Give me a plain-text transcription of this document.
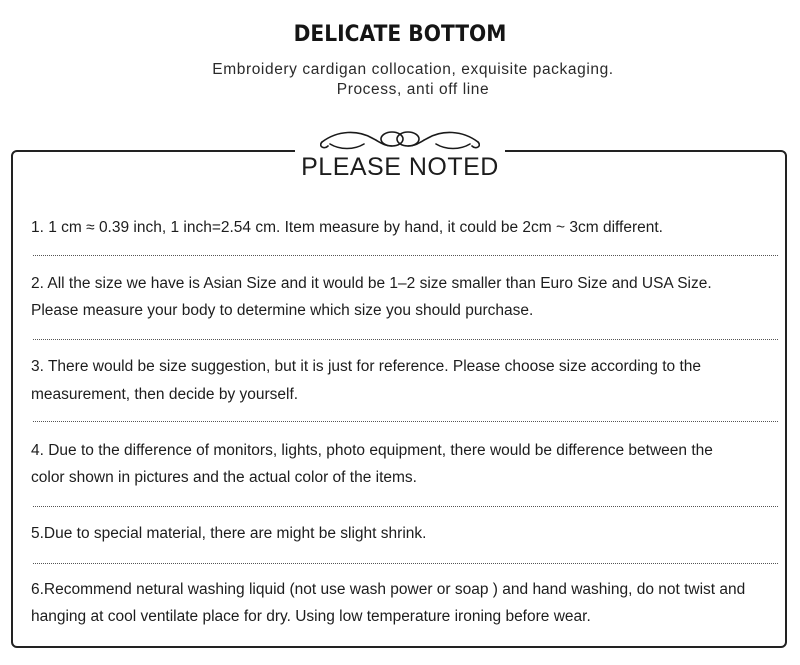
DELICATE BOTTOM
Embroidery cardigan collocation, exquisite packaging.
Process, anti off line
PLEASE NOTED
1. 1 cm ≈ 0.39 inch, 1 inch=2.54 cm. Item measure by hand, it could be 2cm ~ 3cm different.
2. All the size we have is Asian Size and it would be 1–2 size smaller than Euro Size and USA Size.
Please measure your body to determine which size you should purchase.
3. There would be size suggestion, but it is just for reference. Please choose size according to the
measurement, then decide by yourself.
4. Due to the difference of monitors, lights, photo equipment, there would be difference between the
color shown in pictures and the actual color of the items.
5.Due to special material, there are might be slight shrink.
6.Recommend netural washing liquid (not use wash power or soap ) and hand washing, do not twist and
hanging at cool ventilate place for dry. Using low temperature ironing before wear.
